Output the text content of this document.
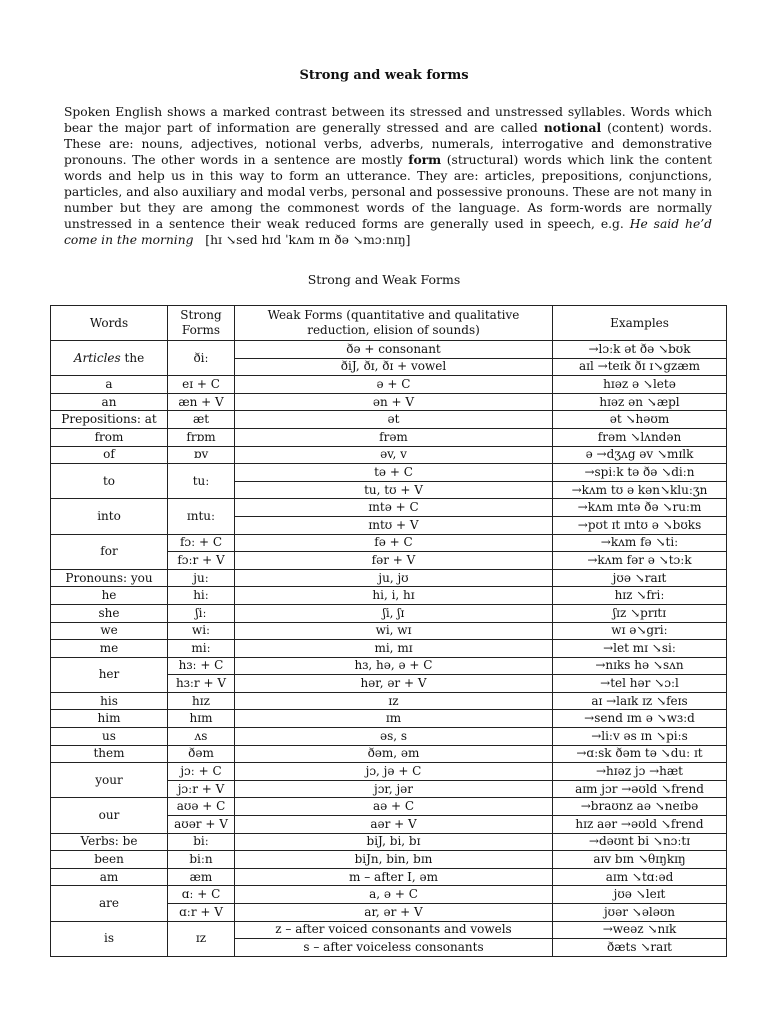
Strong and weak forms

Spoken English shows a marked contrast between its stressed and unstressed syllables. Words which bear the major part of information are generally stressed and are called notional (content) words. These are: nouns, adjectives, notional verbs, adverbs, numerals, interrogative and demonstrative pronouns. The other words in a sentence are mostly form (structural) words which link the content words and help us in this way to form an utterance. They are: articles, prepositions, conjunctions, particles, and also auxiliary and modal verbs, personal and possessive pronouns. These are not many in number but they are among the commonest words of the language. As form-words are normally unstressed in a sentence their weak reduced forms are generally used in speech, e.g. He said he’d come in the morning [hɪ ↘sed hɪd ˈkʌm ɪn ðə ↘mɔːnɪŋ]

Strong and Weak Forms
Words	Strong Forms	Weak Forms (quantitative and qualitative reduction, elision of sounds)	Examples
Articles the	ðiː	ðə + consonant	→lɔːk ət ðə ↘bʊk
		ðiJ, ðɪ, ðɪ + vowel	aɪl →teɪk ðɪ ɪ↘gzæm
a	eɪ + C	ə + C	hɪəz ə ↘letə
an	æn + V	ən + V	hɪəz ən ↘æpl
Prepositions: at	æt	ət	ət ↘həʊm
from	frɒm	frəm	frəm ↘lʌndən
of	ɒv	əv, v	ə →dʒʌg əv ↘mɪlk
to	tuː	tə + C	→spiːk tə ðə ↘diːn
		tu, tʊ + V	→kʌm tʊ ə kən↘kluːʒn
into	ɪntuː	ɪntə + C	→kʌm ɪntə ðə ↘ruːm
		ɪntʊ + V	→pʊt ɪt ɪntʊ ə ↘bʊks
for	fɔː + C	fə + C	→kʌm fə ↘tiː
	fɔːr + V	fər + V	→kʌm fər ə ↘tɔːk
Pronouns: you	juː	ju, jʊ	jʊə ↘raɪt
he	hiː	hi, i, hɪ	hɪz ↘friː
she	ʃiː	ʃi, ʃɪ	ʃɪz ↘prɪtɪ
we	wiː	wi, wɪ	wɪ ə↘griː
me	miː	mi, mɪ	→let mɪ ↘siː
her	hɜː + C	hɜ, hə, ə + C	→nɪks hə ↘sʌn
	hɜːr + V	hər, ər + V	→tel hər ↘ɔːl
his	hɪz	ɪz	aɪ →laɪk ɪz ↘feɪs
him	hɪm	ɪm	→send ɪm ə ↘wɜːd
us	ʌs	əs, s	→liːv əs ɪn ↘piːs
them	ðəm	ðəm, əm	→ɑːsk ðəm tə ↘duː ɪt
your	jɔː + C	jɔ, jə + C	→hɪəz jɔ →hæt
	jɔːr + V	jɔr, jər	aɪm jɔr →əʊld ↘frend
our	aʊə + C	aə + C	→braʊnz aə ↘neɪbə
	aʊər + V	aər + V	hɪz aər →əʊld ↘frend
Verbs: be	biː	biJ, bi, bɪ	→dəʊnt bi ↘nɔːtɪ
been	biːn	biJn, bin, bɪn	aɪv bɪn ↘θɪŋkɪŋ
am	æm	m – after I, əm	aɪm ↘tɑːəd
are	ɑː + C	a, ə + C	jʊə ↘leɪt
	ɑːr + V	ar, ər + V	jʊər ↘ələʊn
is	ɪz	z – after voiced consonants and vowels	→weəz ↘nɪk
		s – after voiceless consonants	ðæts ↘raɪt
